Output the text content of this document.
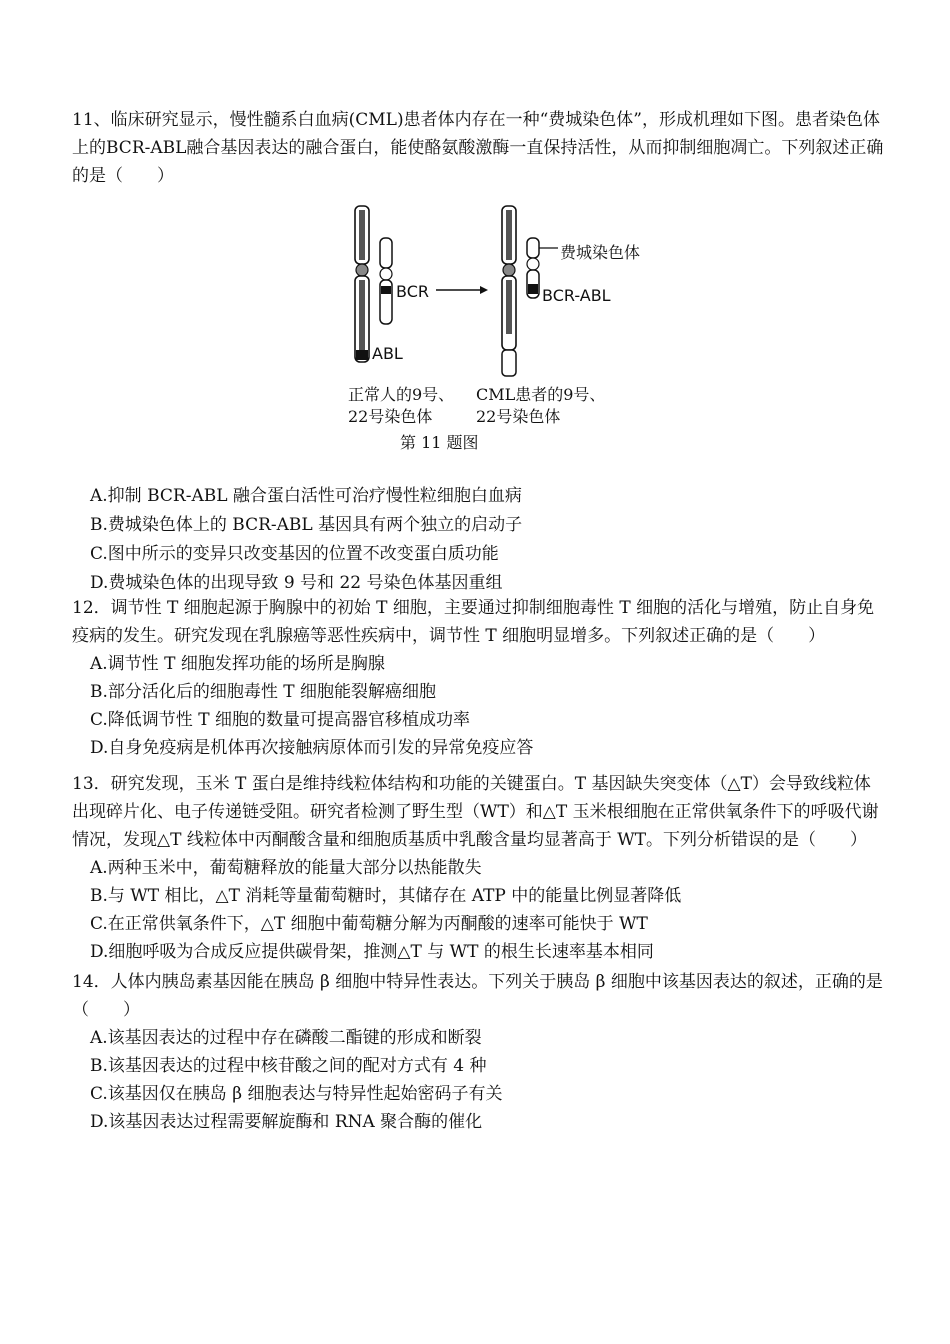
11、临床研究显示，慢性髓系白血病(CML)患者体内存在一种“费城染色体”，形成机理如下图。患者染色体上的BCR-ABL融合基因表达的融合蛋白，能使酪氨酸激酶一直保持活性，从而抑制细胞凋亡。下列叙述正确的是（　　）

BCR
ABL
费城染色体
BCR-ABL
正常人的9号、
22号染色体
CML患者的9号、
22号染色体
第 11 题图

A.抑制 BCR-ABL 融合蛋白活性可治疗慢性粒细胞白血病

B.费城染色体上的 BCR-ABL 基因具有两个独立的启动子

C.图中所示的变异只改变基因的位置不改变蛋白质功能

D.费城染色体的出现导致 9 号和 22 号染色体基因重组

12．调节性 T 细胞起源于胸腺中的初始 T 细胞，主要通过抑制细胞毒性 T 细胞的活化与增殖，防止自身免疫病的发生。研究发现在乳腺癌等恶性疾病中，调节性 T 细胞明显增多。下列叙述正确的是（　　）

A.调节性 T 细胞发挥功能的场所是胸腺

B.部分活化后的细胞毒性 T 细胞能裂解癌细胞

C.降低调节性 T 细胞的数量可提高器官移植成功率

D.自身免疫病是机体再次接触病原体而引发的异常免疫应答

13．研究发现，玉米 T 蛋白是维持线粒体结构和功能的关键蛋白。T 基因缺失突变体（△T）会导致线粒体出现碎片化、电子传递链受阻。研究者检测了野生型（WT）和△T 玉米根细胞在正常供氧条件下的呼吸代谢情况，发现△T 线粒体中丙酮酸含量和细胞质基质中乳酸含量均显著高于 WT。下列分析错误的是（　　）

A.两种玉米中，葡萄糖释放的能量大部分以热能散失

B.与 WT 相比，△T 消耗等量葡萄糖时，其储存在 ATP 中的能量比例显著降低

C.在正常供氧条件下，△T 细胞中葡萄糖分解为丙酮酸的速率可能快于 WT

D.细胞呼吸为合成反应提供碳骨架，推测△T 与 WT 的根生长速率基本相同

14．人体内胰岛素基因能在胰岛 β 细胞中特异性表达。下列关于胰岛 β 细胞中该基因表达的叙述，正确的是（　　）

A.该基因表达的过程中存在磷酸二酯键的形成和断裂

B.该基因表达的过程中核苷酸之间的配对方式有 4 种

C.该基因仅在胰岛 β 细胞表达与特异性起始密码子有关

D.该基因表达过程需要解旋酶和 RNA 聚合酶的催化
